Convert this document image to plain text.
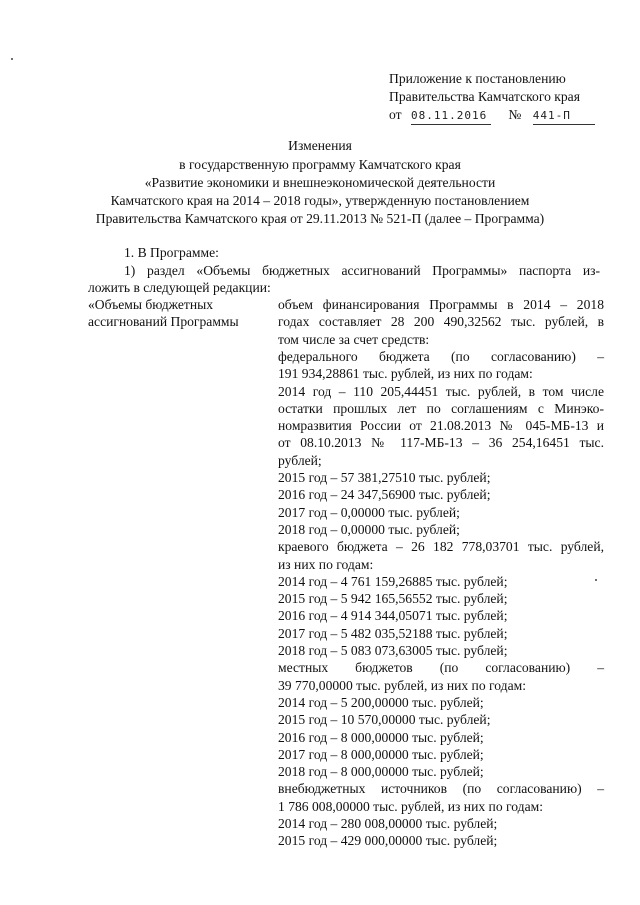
Приложение к постановлению
Правительства Камчатского края
от 08.11.2016 № 441-П
Изменения
в государственную программу Камчатского края
«Развитие экономики и внешнеэкономической деятельности
Камчатского края на 2014 – 2018 годы», утвержденную постановлением
Правительства Камчатского края от 29.11.2013 № 521-П (далее – Программа)
1. В Программе:
1) раздел «Объемы бюджетных ассигнований Программы» паспорта из-
ложить в следующей редакции:
«Объемы бюджетных
ассигнований Программы
объем финансирования Программы в 2014 – 2018
годах составляет 28 200 490,32562 тыс. рублей, в
том числе за счет средств:
федерального бюджета (по согласованию) –
191 934,28861 тыс. рублей, из них по годам:
2014 год – 110 205,44451 тыс. рублей, в том числе
остатки прошлых лет по соглашениям с Минэко-
номразвития России от 21.08.2013 № 045-МБ-13 и
от 08.10.2013 № 117-МБ-13 – 36 254,16451 тыс.
рублей;
2015 год – 57 381,27510 тыс. рублей;
2016 год – 24 347,56900 тыс. рублей;
2017 год – 0,00000 тыс. рублей;
2018 год – 0,00000 тыс. рублей;
краевого бюджета – 26 182 778,03701 тыс. рублей,
из них по годам:
2014 год – 4 761 159,26885 тыс. рублей;
2015 год – 5 942 165,56552 тыс. рублей;
2016 год – 4 914 344,05071 тыс. рублей;
2017 год – 5 482 035,52188 тыс. рублей;
2018 год – 5 083 073,63005 тыс. рублей;
местных бюджетов (по согласованию) –
39 770,00000 тыс. рублей, из них по годам:
2014 год – 5 200,00000 тыс. рублей;
2015 год – 10 570,00000 тыс. рублей;
2016 год – 8 000,00000 тыс. рублей;
2017 год – 8 000,00000 тыс. рублей;
2018 год – 8 000,00000 тыс. рублей;
внебюджетных источников (по согласованию) –
1 786 008,00000 тыс. рублей, из них по годам:
2014 год – 280 008,00000 тыс. рублей;
2015 год – 429 000,00000 тыс. рублей;
